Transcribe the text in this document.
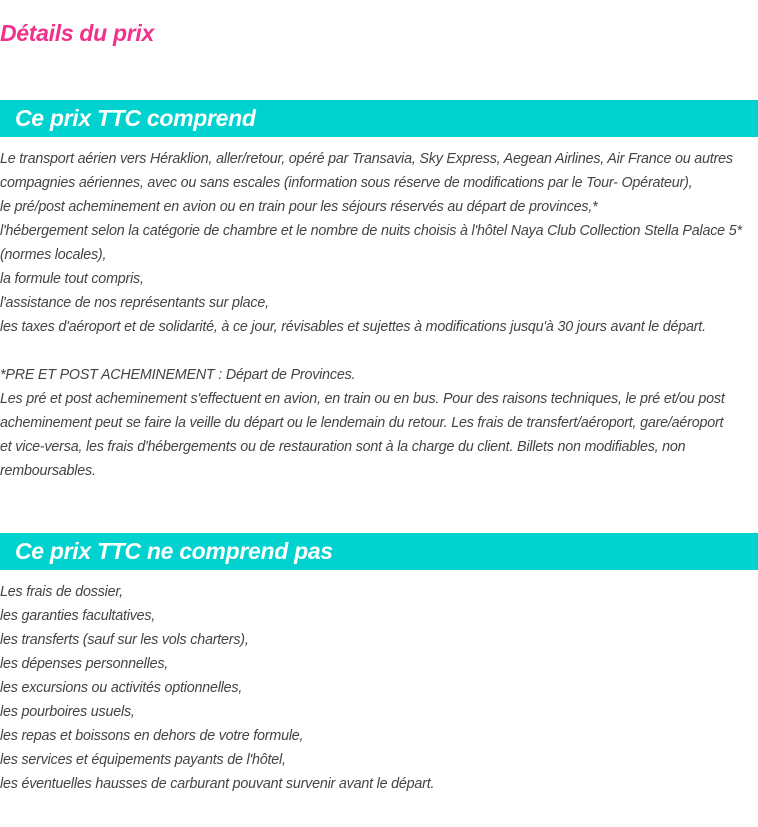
Détails du prix
Ce prix TTC comprend
Le transport aérien vers Héraklion, aller/retour, opéré par Transavia, Sky Express, Aegean Airlines, Air France ou autres
compagnies aériennes, avec ou sans escales (information sous réserve de modifications par le Tour- Opérateur),
le pré/post acheminement en avion ou en train pour les séjours réservés au départ de provinces,*
l'hébergement selon la catégorie de chambre et le nombre de nuits choisis à l'hôtel Naya Club Collection Stella Palace 5*
(normes locales),
la formule tout compris,
l'assistance de nos représentants sur place,
les taxes d'aéroport et de solidarité, à ce jour, révisables et sujettes à modifications jusqu'à 30 jours avant le départ.
*PRE ET POST ACHEMINEMENT : Départ de Provinces.
Les pré et post acheminement s'effectuent en avion, en train ou en bus. Pour des raisons techniques, le pré et/ou post
acheminement peut se faire la veille du départ ou le lendemain du retour. Les frais de transfert/aéroport, gare/aéroport
et vice-versa, les frais d'hébergements ou de restauration sont à la charge du client. Billets non modifiables, non
remboursables.
Ce prix TTC ne comprend pas
Les frais de dossier,
les garanties facultatives,
les transferts (sauf sur les vols charters),
les dépenses personnelles,
les excursions ou activités optionnelles,
les pourboires usuels,
les repas et boissons en dehors de votre formule,
les services et équipements payants de l'hôtel,
les éventuelles hausses de carburant pouvant survenir avant le départ.
